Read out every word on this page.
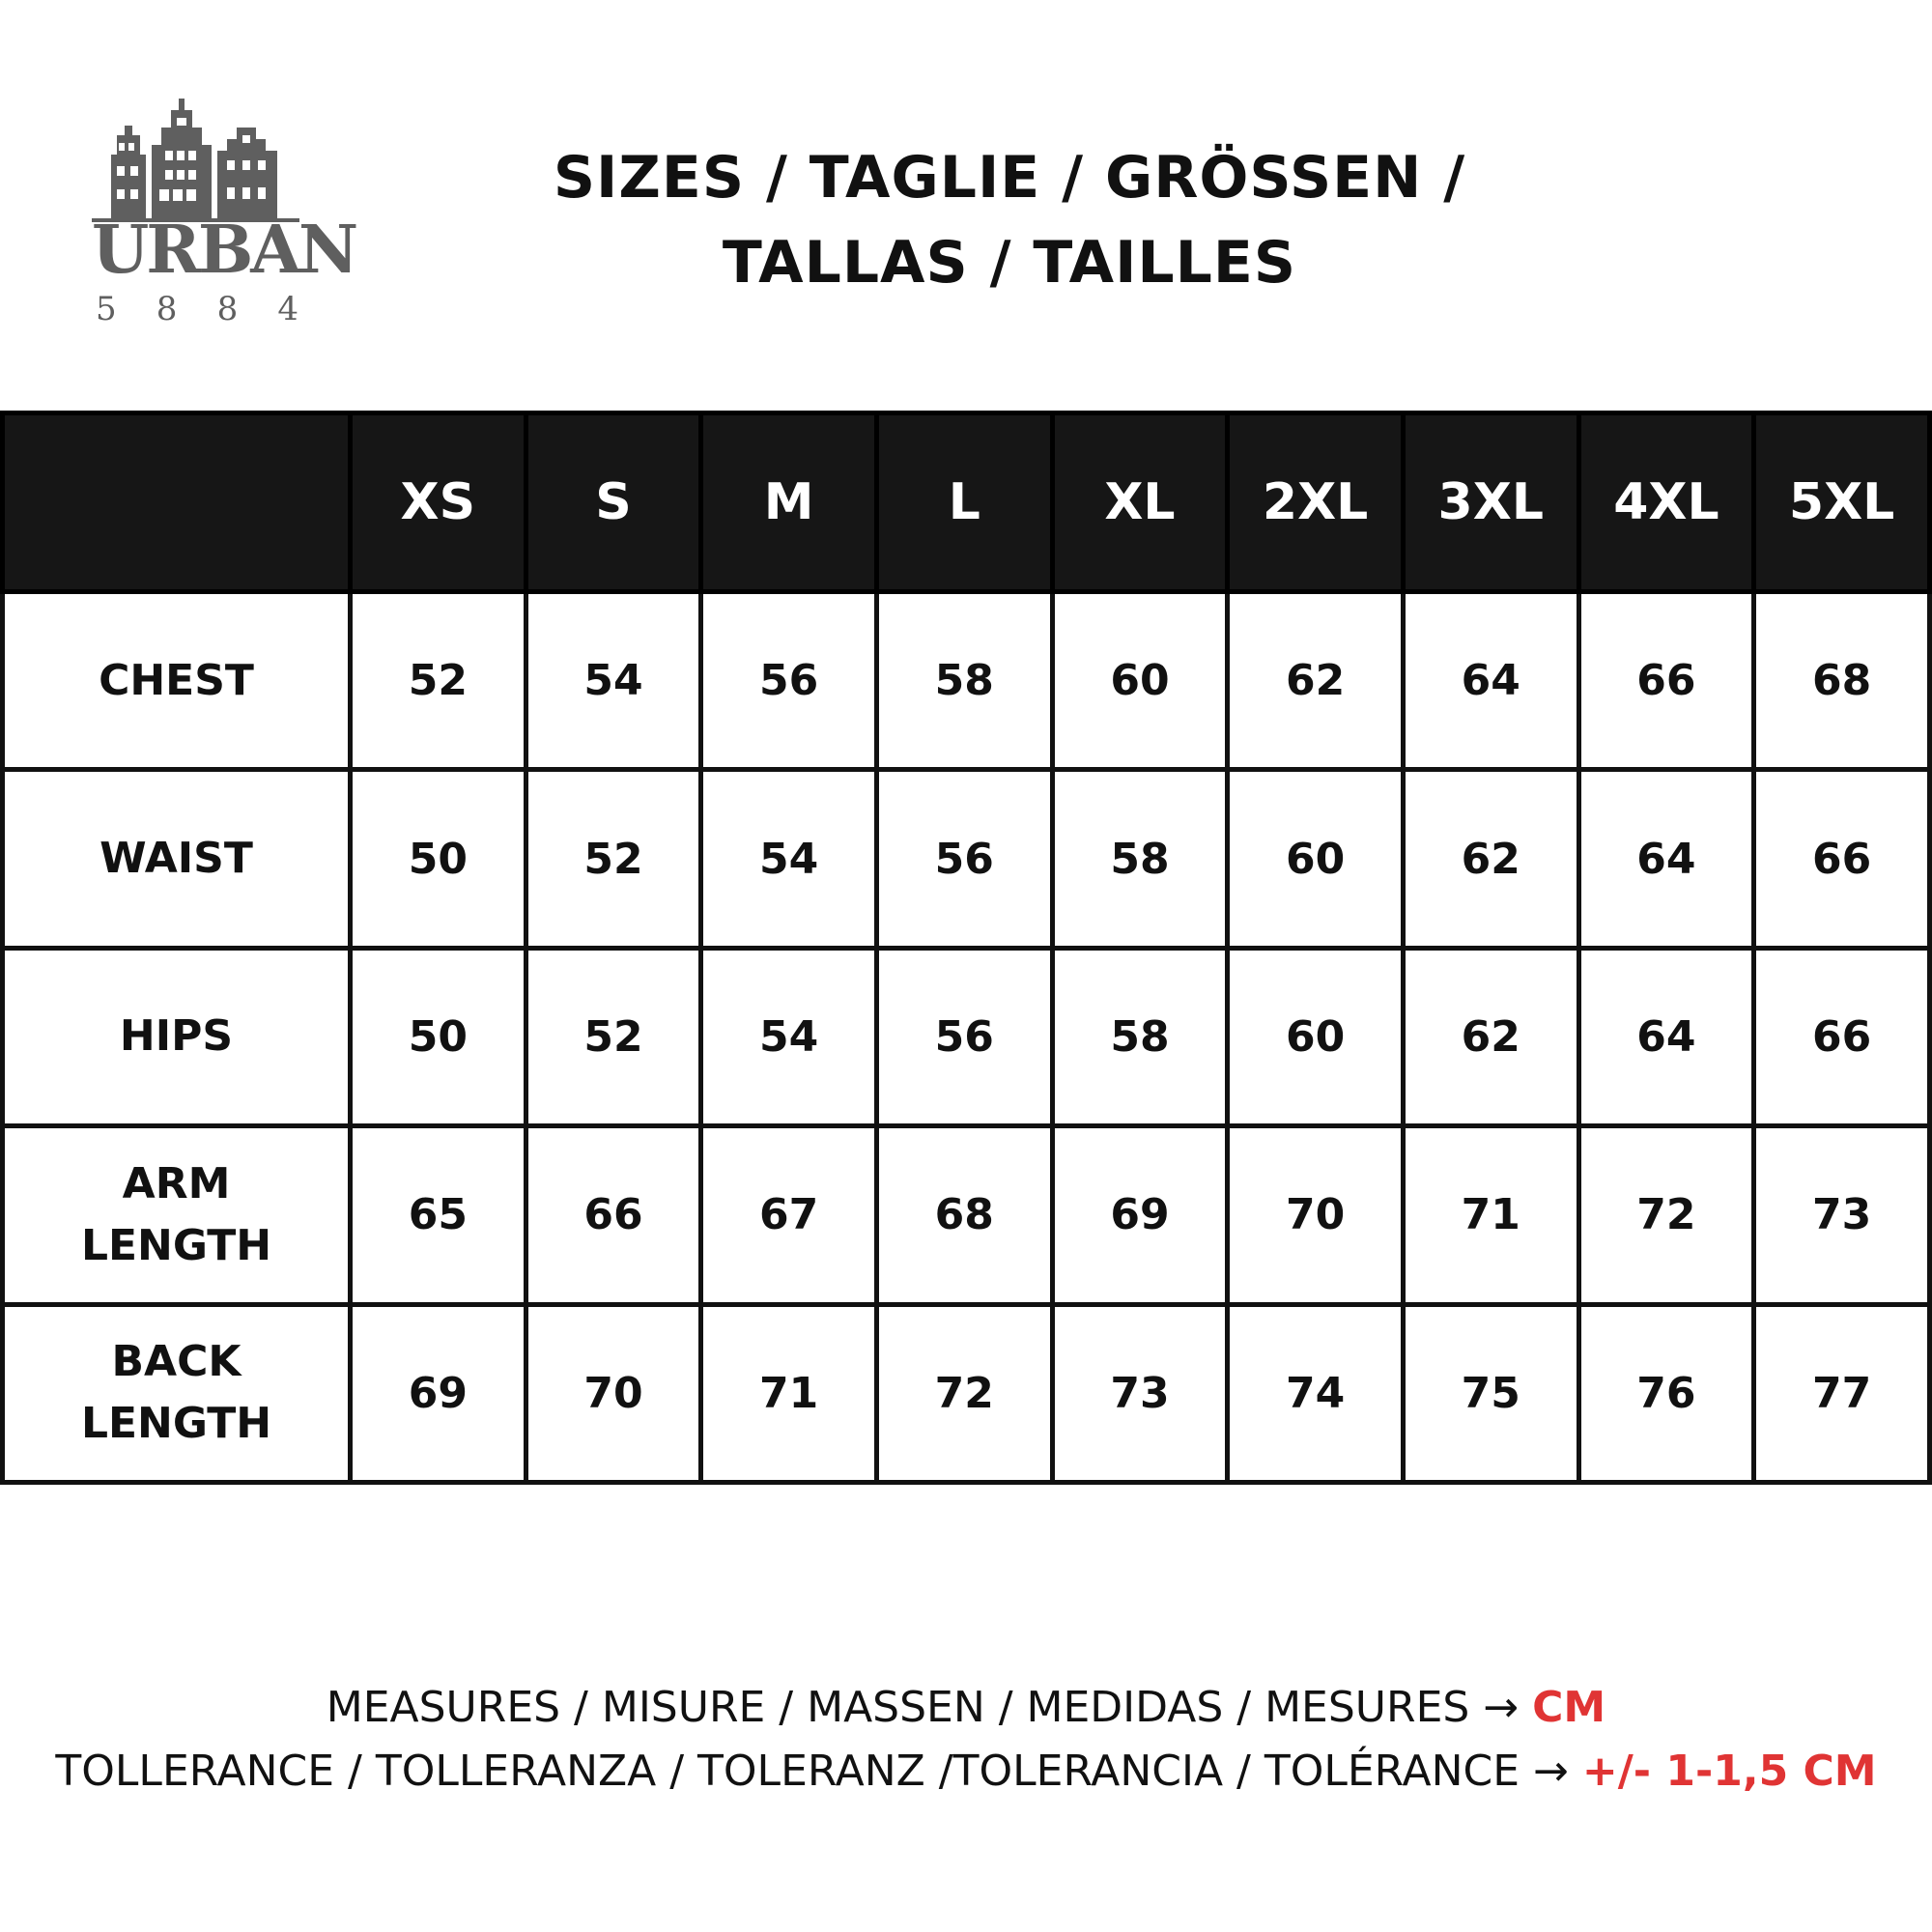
URBAN
5 8 8 4
SIZES / TAGLIE / GRÖSSEN /
TALLAS / TAILLES
	XS	S	M	L	XL	2XL	3XL	4XL	5XL
CHEST	52	54	56	58	60	62	64	66	68
WAIST	50	52	54	56	58	60	62	64	66
HIPS	50	52	54	56	58	60	62	64	66
ARM
LENGTH	65	66	67	68	69	70	71	72	73
BACK
LENGTH	69	70	71	72	73	74	75	76	77
MEASURES / MISURE / MASSEN / MEDIDAS / MESURES → CM
TOLLERANCE / TOLLERANZA / TOLERANZ /TOLERANCIA / TOLÉRANCE → +/- 1-1,5 CM
